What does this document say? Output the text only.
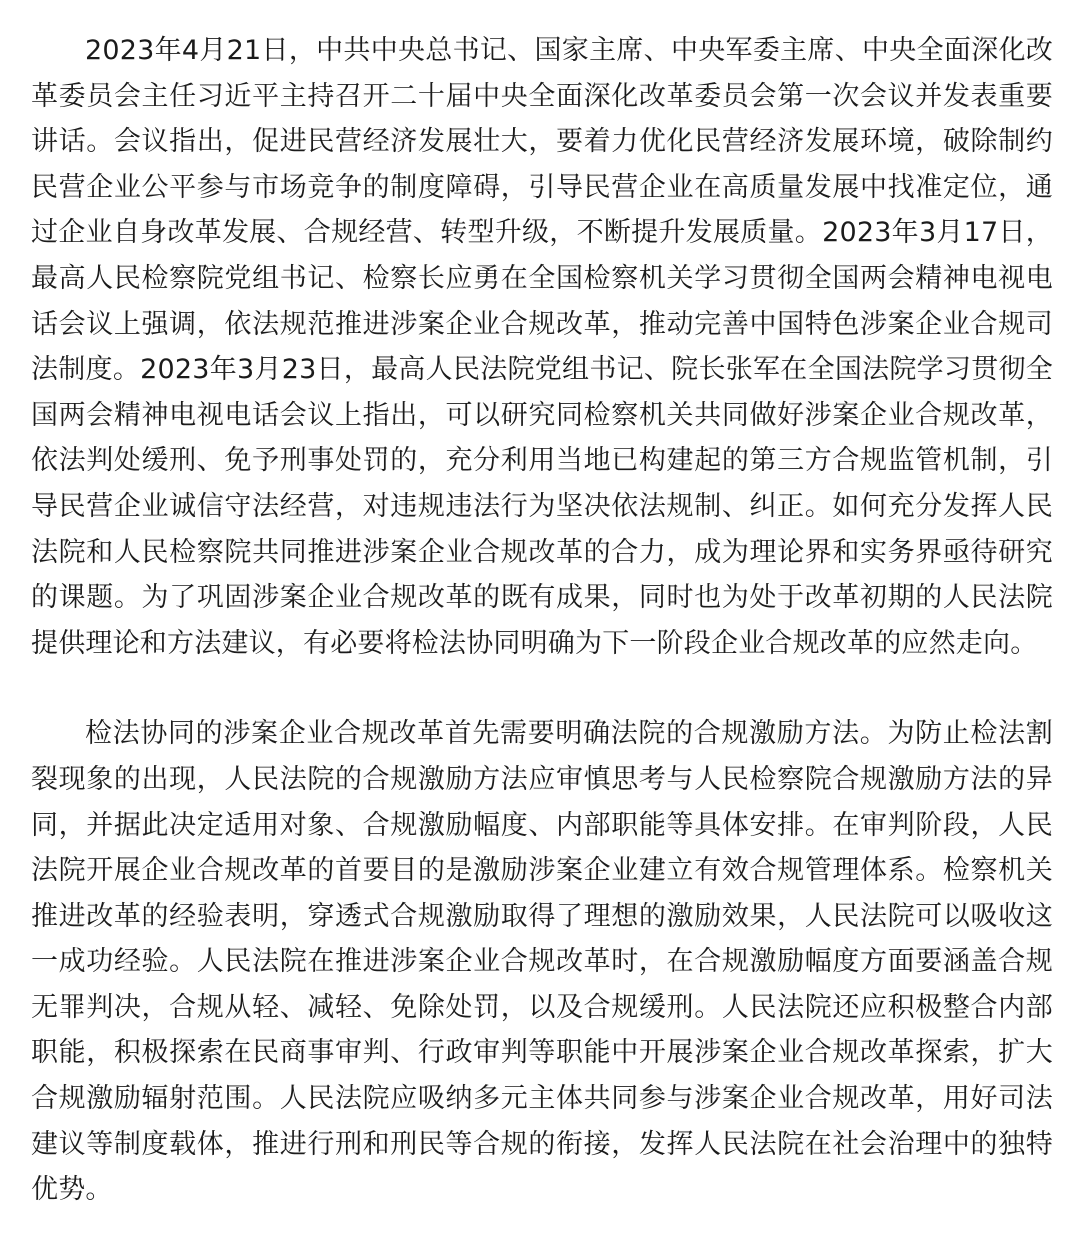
2023年4月21日，中共中央总书记、国家主席、中央军委主席、中央全面深化改革委员会主任习近平主持召开二十届中央全面深化改革委员会第一次会议并发表重要讲话。会议指出，促进民营经济发展壮大，要着力优化民营经济发展环境，破除制约民营企业公平参与市场竞争的制度障碍，引导民营企业在高质量发展中找准定位，通过企业自身改革发展、合规经营、转型升级，不断提升发展质量。2023年3月17日，最高人民检察院党组书记、检察长应勇在全国检察机关学习贯彻全国两会精神电视电话会议上强调，依法规范推进涉案企业合规改革，推动完善中国特色涉案企业合规司法制度。2023年3月23日，最高人民法院党组书记、院长张军在全国法院学习贯彻全国两会精神电视电话会议上指出，可以研究同检察机关共同做好涉案企业合规改革，依法判处缓刑、免予刑事处罚的，充分利用当地已构建起的第三方合规监管机制，引导民营企业诚信守法经营，对违规违法行为坚决依法规制、纠正。如何充分发挥人民法院和人民检察院共同推进涉案企业合规改革的合力，成为理论界和实务界亟待研究的课题。为了巩固涉案企业合规改革的既有成果，同时也为处于改革初期的人民法院提供理论和方法建议，有必要将检法协同明确为下一阶段企业合规改革的应然走向。

检法协同的涉案企业合规改革首先需要明确法院的合规激励方法。为防止检法割裂现象的出现，人民法院的合规激励方法应审慎思考与人民检察院合规激励方法的异同，并据此决定适用对象、合规激励幅度、内部职能等具体安排。在审判阶段，人民法院开展企业合规改革的首要目的是激励涉案企业建立有效合规管理体系。检察机关推进改革的经验表明，穿透式合规激励取得了理想的激励效果，人民法院可以吸收这一成功经验。人民法院在推进涉案企业合规改革时，在合规激励幅度方面要涵盖合规无罪判决，合规从轻、减轻、免除处罚，以及合规缓刑。人民法院还应积极整合内部职能，积极探索在民商事审判、行政审判等职能中开展涉案企业合规改革探索，扩大合规激励辐射范围。人民法院应吸纳多元主体共同参与涉案企业合规改革，用好司法建议等制度载体，推进行刑和刑民等合规的衔接，发挥人民法院在社会治理中的独特优势。
